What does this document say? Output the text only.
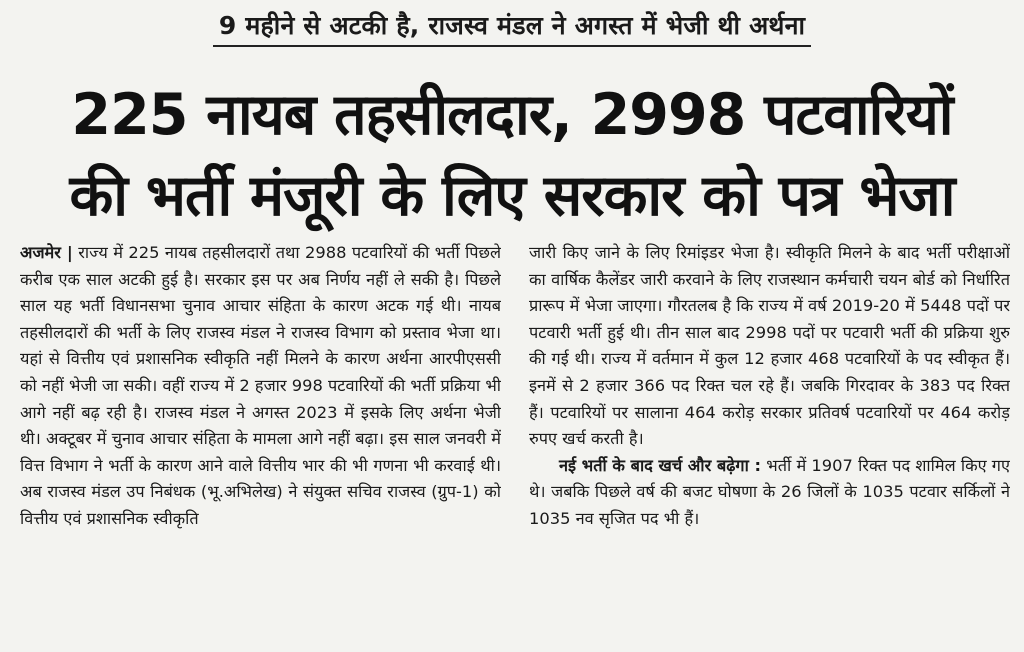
9 महीने से अटकी है, राजस्व मंडल ने अगस्त में भेजी थी अर्थना
225 नायब तहसीलदार, 2998 पटवारियों
की भर्ती मंजूरी के लिए सरकार को पत्र भेजा

अजमेर | राज्य में 225 नायब तहसीलदारों तथा 2988 पटवारियों की भर्ती पिछले करीब एक साल अटकी हुई है। सरकार इस पर अब निर्णय नहीं ले सकी है। पिछले साल यह भर्ती विधानसभा चुनाव आचार संहिता के कारण अटक गई थी। नायब तहसीलदारों की भर्ती के लिए राजस्व मंडल ने राजस्व विभाग को प्रस्ताव भेजा था। यहां से वित्तीय एवं प्रशासनिक स्वीकृति नहीं मिलने के कारण अर्थना आरपीएससी को नहीं भेजी जा सकी। वहीं राज्य में 2 हजार 998 पटवारियों की भर्ती प्रक्रिया भी आगे नहीं बढ़ रही है। राजस्व मंडल ने अगस्त 2023 में इसके लिए अर्थना भेजी थी। अक्टूबर में चुनाव आचार संहिता के मामला आगे नहीं बढ़ा। इस साल जनवरी में वित्त विभाग ने भर्ती के कारण आने वाले वित्तीय भार की भी गणना भी करवाई थी। अब राजस्व मंडल उप निबंधक (भू.अभिलेख) ने संयुक्त सचिव राजस्व (ग्रुप-1) को वित्तीय एवं प्रशासनिक स्वीकृति

जारी किए जाने के लिए रिमांइडर भेजा है। स्वीकृति मिलने के बाद भर्ती परीक्षाओं का वार्षिक कैलेंडर जारी करवाने के लिए राजस्थान कर्मचारी चयन बोर्ड को निर्धारित प्रारूप में भेजा जाएगा। गौरतलब है कि राज्य में वर्ष 2019-20 में 5448 पदों पर पटवारी भर्ती हुई थी। तीन साल बाद 2998 पदों पर पटवारी भर्ती की प्रक्रिया शुरु की गई थी। राज्य में वर्तमान में कुल 12 हजार 468 पटवारियों के पद स्वीकृत हैं। इनमें से 2 हजार 366 पद रिक्त चल रहे हैं। जबकि गिरदावर के 383 पद रिक्त हैं। पटवारियों पर सालाना 464 करोड़ सरकार प्रतिवर्ष पटवारियों पर 464 करोड़ रुपए खर्च करती है।

नई भर्ती के बाद खर्च और बढ़ेगा : भर्ती में 1907 रिक्त पद शामिल किए गए थे। जबकि पिछले वर्ष की बजट घोषणा के 26 जिलों के 1035 पटवार सर्किलों ने 1035 नव सृजित पद भी हैं।
